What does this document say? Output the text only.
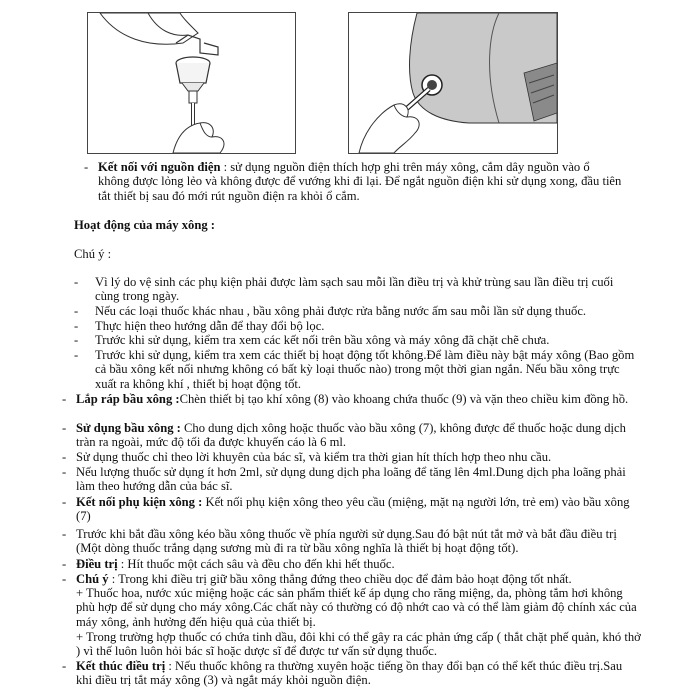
- Kết nối với nguồn điện : sử dụng nguồn điện thích hợp ghi trên máy xông, cắm dây nguồn vào ổ không được lỏng lẻo và không được để vướng khi đi lại. Để ngắt nguồn điện khi sử dụng xong, đầu tiên tắt thiết bị sau đó mới rút nguồn điện ra khỏi ổ cắm.
Hoạt động của máy xông :
Chú ý :
- Vì lý do vệ sinh các phụ kiện phải được làm sạch sau mỗi lần điều trị và khử trùng sau lần điều trị cuối cùng trong ngày.
- Nếu các loại thuốc khác nhau , bầu xông phải được rửa bằng nước ấm sau mỗi lần sử dụng thuốc.
- Thực hiện theo hướng dẫn để thay đổi bộ lọc.
- Trước khi sử dụng, kiểm tra xem các kết nối trên bầu xông và máy xông đã chặt chẽ chưa.
- Trước khi sử dụng, kiểm tra xem các thiết bị hoạt động tốt không.Để làm điều này bật máy xông (Bao gồm cả bầu xông kết nối nhưng không có bất kỳ loại thuốc nào) trong một thời gian ngắn. Nếu bầu xông trực xuất ra không khí , thiết bị hoạt động tốt.
- Lắp ráp bầu xông :Chèn thiết bị tạo khí xông (8) vào khoang chứa thuốc (9) và vặn theo chiều kim đồng hồ.
- Sử dụng bầu xông : Cho dung dịch xông hoặc thuốc vào bầu xông (7), không được để thuốc hoặc dung dịch tràn ra ngoài, mức độ tối đa được khuyến cáo là 6 ml.
- Sử dụng thuốc chỉ theo lời khuyên của bác sĩ, và kiểm tra thời gian hít thích hợp theo nhu cầu.
- Nếu lượng thuốc sử dụng ít hơn 2ml, sử dụng dung dịch pha loãng để tăng lên 4ml.Dung dịch pha loãng phải làm theo hướng dẫn của bác sĩ.
- Kết nối phụ kiện xông : Kết nối phụ kiện xông theo yêu cầu (miệng, mặt nạ người lớn, trẻ em) vào bầu xông (7)
- Trước khi bắt đầu xông kéo bầu xông thuốc về phía người sử dụng.Sau đó bật nút tắt mở và bắt đầu điều trị (Một dòng thuốc trắng dạng sương mù đi ra từ bầu xông nghĩa là thiết bị hoạt động tốt).
- Điều trị : Hít thuốc một cách sâu và đều cho đến khi hết thuốc.
- Chú ý : Trong khi điều trị giữ bầu xông thẳng đứng theo chiều dọc để đảm bảo hoạt động tốt nhất.
+ Thuốc hoa, nước xúc miệng hoặc các sản phẩm thiết kế áp dụng cho răng miệng, da, phòng tắm hơi không phù hợp để sử dụng cho máy xông.Các chất này có thường có độ nhớt cao và có thể làm giảm độ chính xác của máy xông, ảnh hưởng đến hiệu quả của thiết bị.
+ Trong trường hợp thuốc có chứa tinh dầu, đôi khi có thể gây ra các phản ứng cấp ( thắt chặt phế quản, khó thở ) vì thế luôn luôn hỏi bác sĩ hoặc dược sĩ để được tư vấn sử dụng thuốc.
- Kết thúc điều trị : Nếu thuốc không ra thường xuyên hoặc tiếng ồn thay đổi bạn có thể kết thúc điều trị.Sau khi điều trị tắt máy xông (3) và ngắt máy khỏi nguồn điện.
